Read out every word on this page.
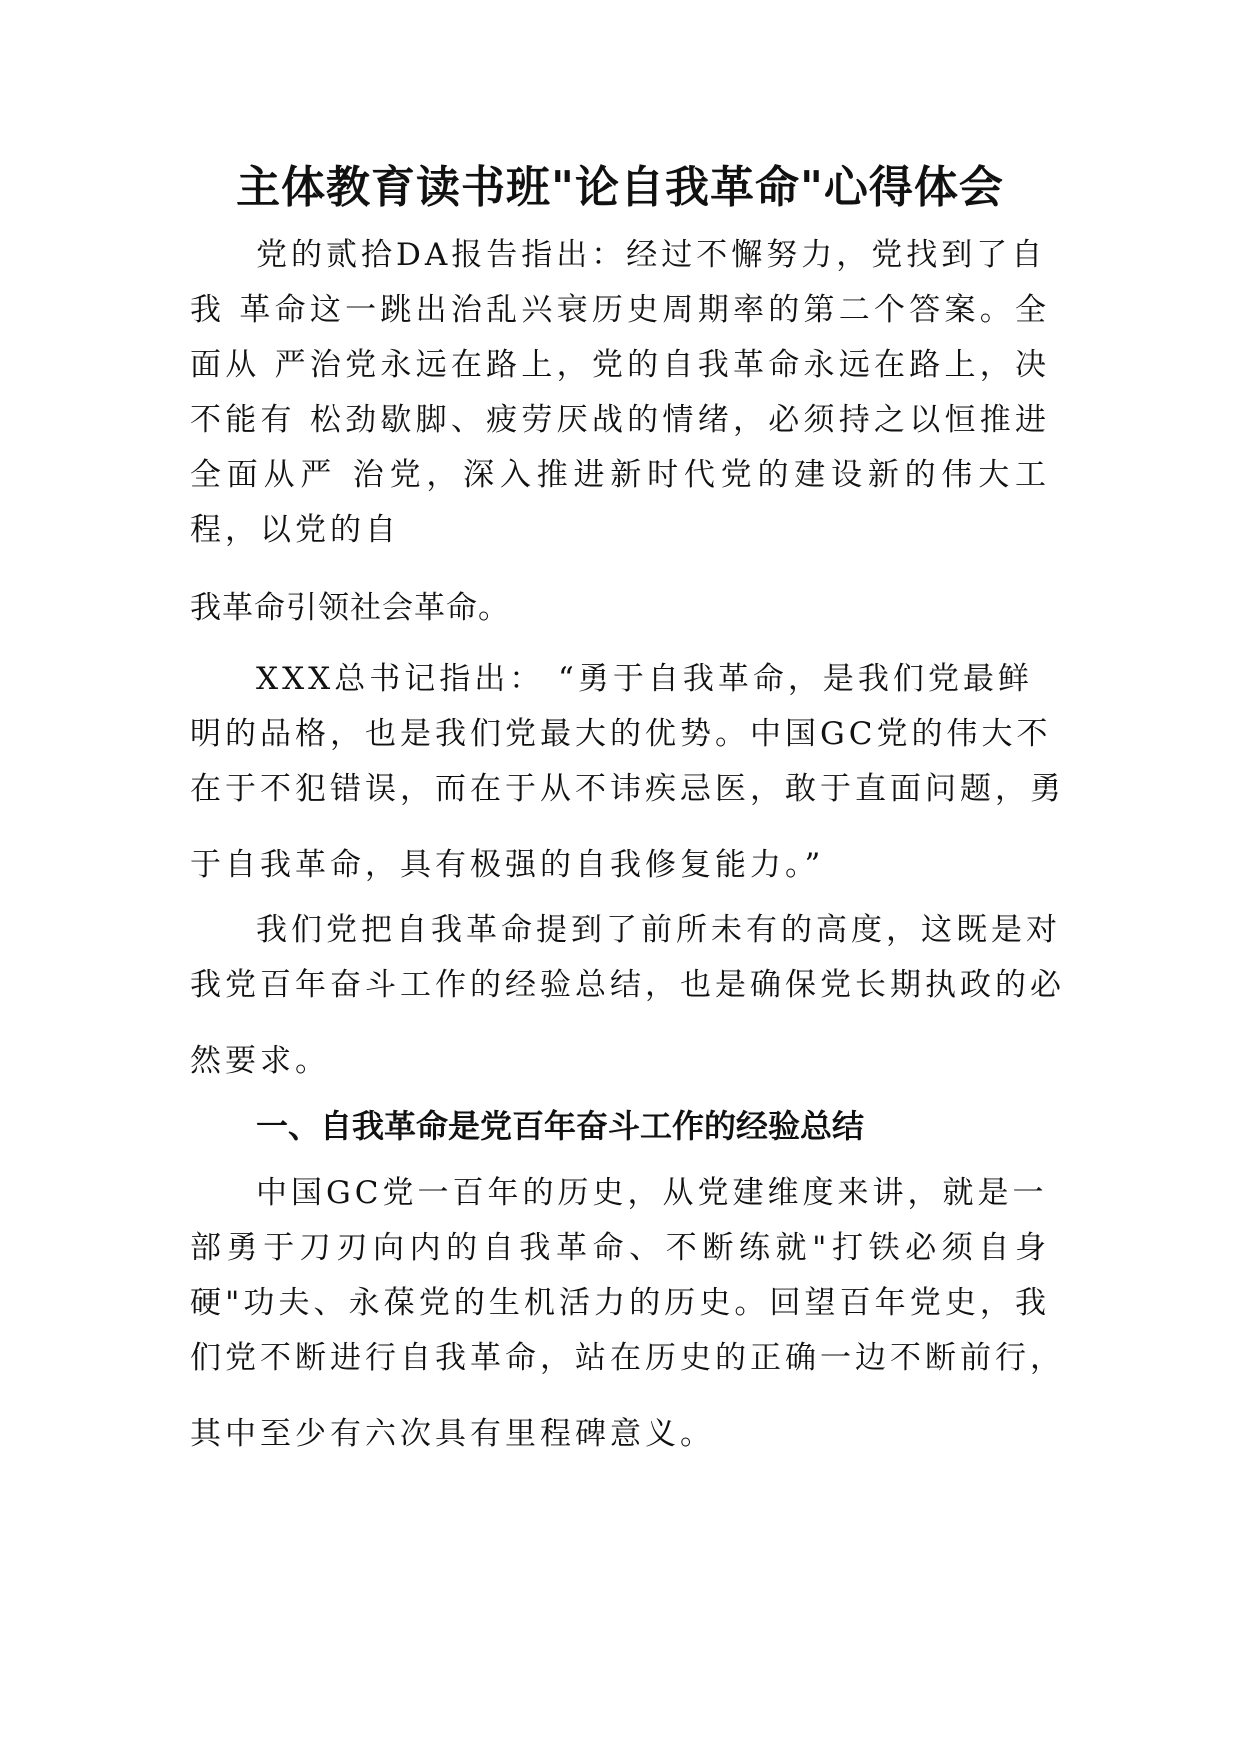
主体教育读书班"论自我革命"心得体会

党的贰拾DA报告指出：经过不懈努力，党找到了自

我 革命这一跳出治乱兴衰历史周期率的第二个答案。全

面从 严治党永远在路上，党的自我革命永远在路上，决

不能有 松劲歇脚、疲劳厌战的情绪，必须持之以恒推进

全面从严 治党，深入推进新时代党的建设新的伟大工

程，以党的自

我革命引领社会革命。

XXX总书记指出： “勇于自我革命，是我们党最鲜

明的品格，也是我们党最大的优势。中国GC党的伟大不

在于不犯错误，而在于从不讳疾忌医，敢于直面问题，勇

于自我革命，具有极强的自我修复能力。”

我们党把自我革命提到了前所未有的高度，这既是对

我党百年奋斗工作的经验总结，也是确保党长期执政的必

然要求。

一、自我革命是党百年奋斗工作的经验总结

中国GC党一百年的历史，从党建维度来讲，就是一

部勇于刀刃向内的自我革命、不断练就"打铁必须自身

硬"功夫、永葆党的生机活力的历史。回望百年党史，我

们党不断进行自我革命，站在历史的正确一边不断前行，

其中至少有六次具有里程碑意义。
